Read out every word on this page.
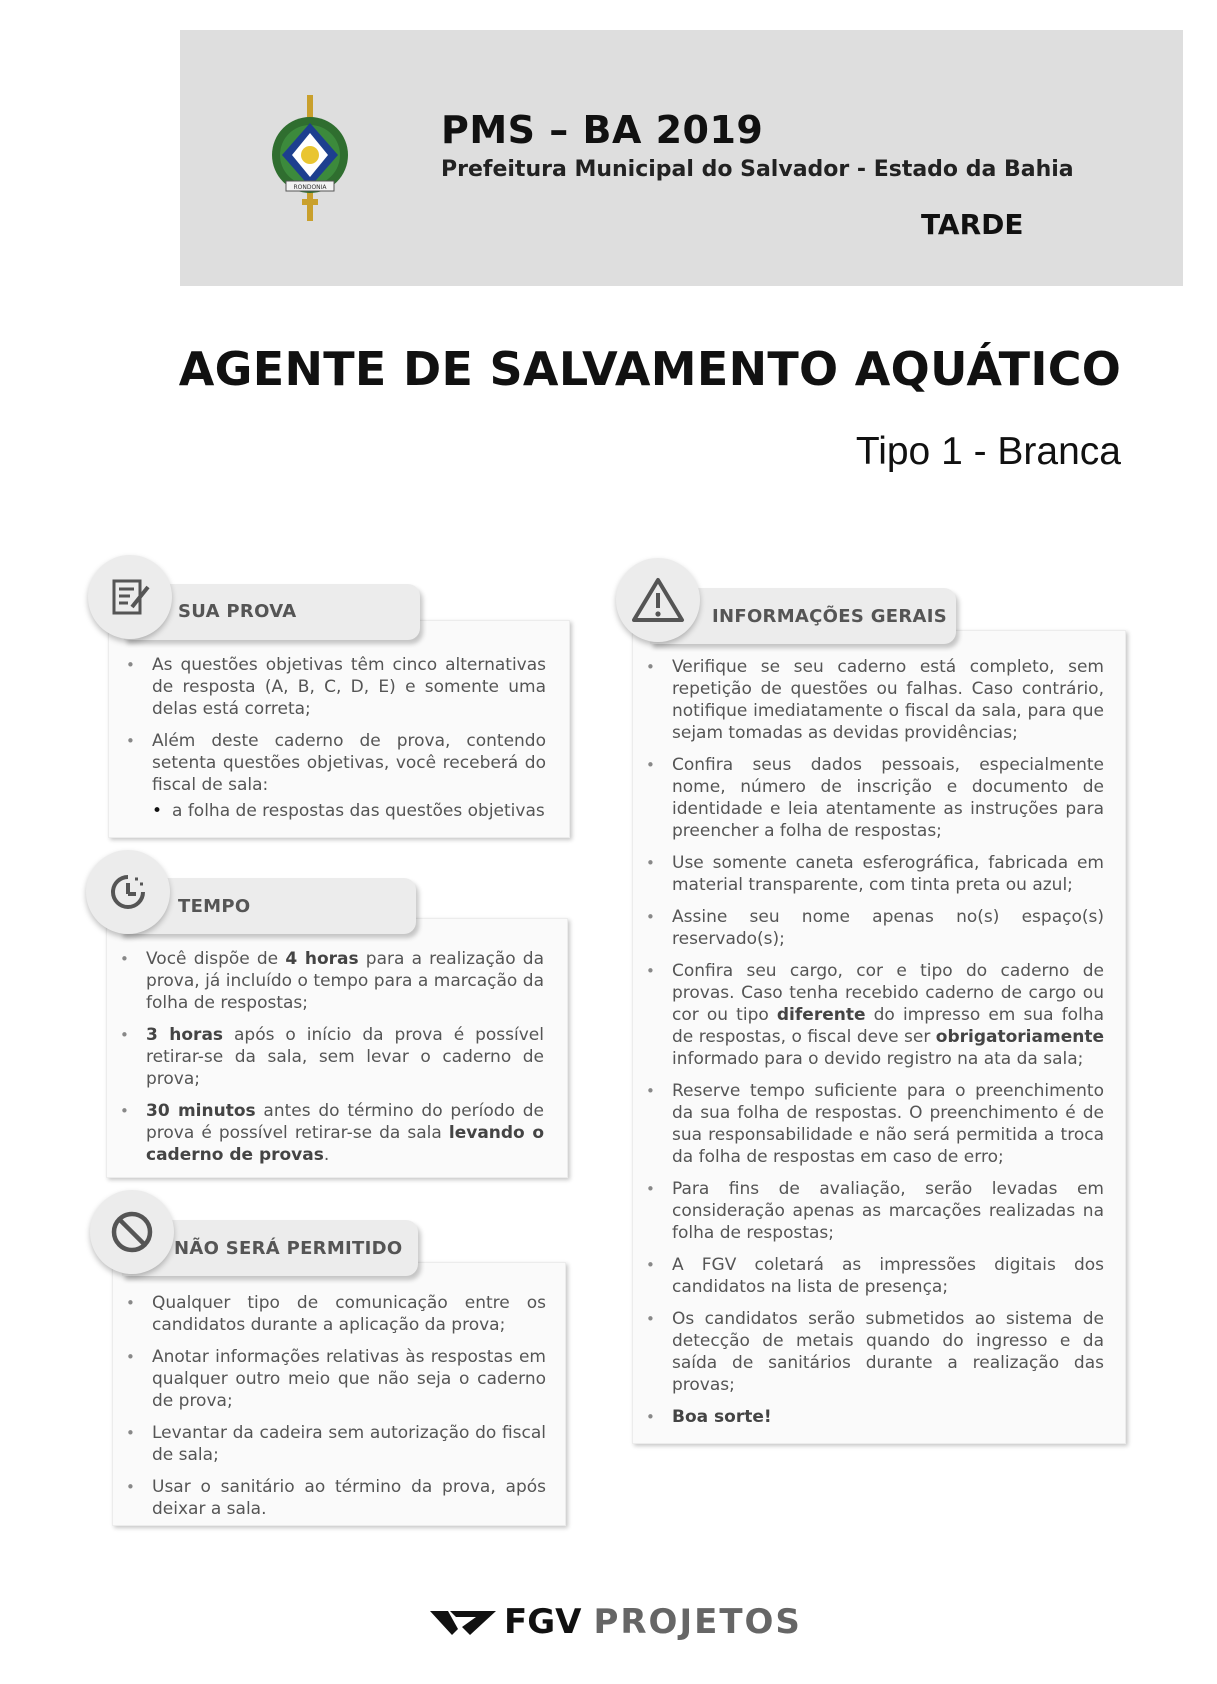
RONDONIA
PMS – BA 2019
Prefeitura Municipal do Salvador - Estado da Bahia
TARDE
AGENTE DE SALVAMENTO AQUÁTICO
Tipo 1 - Branca
SUA PROVA
• As questões objetivas têm cinco alternativas de resposta (A, B, C, D, E) e somente uma delas está correta;
• Além deste caderno de prova, contendo setenta questões objetivas, você receberá do fiscal de sala:
• a folha de respostas das questões objetivas
TEMPO
• Você dispõe de 4 horas para a realização da prova, já incluído o tempo para a marcação da folha de respostas;
• 3 horas após o início da prova é possível retirar-se da sala, sem levar o caderno de prova;
• 30 minutos antes do término do período de prova é possível retirar-se da sala levando o caderno de provas.
NÃO SERÁ PERMITIDO
• Qualquer tipo de comunicação entre os candidatos durante a aplicação da prova;
• Anotar informações relativas às respostas em qualquer outro meio que não seja o caderno de prova;
• Levantar da cadeira sem autorização do fiscal de sala;
• Usar o sanitário ao término da prova, após deixar a sala.
INFORMAÇÕES GERAIS
• Verifique se seu caderno está completo, sem repetição de questões ou falhas. Caso contrário, notifique imediatamente o fiscal da sala, para que sejam tomadas as devidas providências;
• Confira seus dados pessoais, especialmente nome, número de inscrição e documento de identidade e leia atentamente as instruções para preencher a folha de respostas;
• Use somente caneta esferográfica, fabricada em material transparente, com tinta preta ou azul;
• Assine seu nome apenas no(s) espaço(s) reservado(s);
• Confira seu cargo, cor e tipo do caderno de provas. Caso tenha recebido caderno de cargo ou cor ou tipo diferente do impresso em sua folha de respostas, o fiscal deve ser obrigatoriamente informado para o devido registro na ata da sala;
• Reserve tempo suficiente para o preenchimento da sua folha de respostas. O preenchimento é de sua responsabilidade e não será permitida a troca da folha de respostas em caso de erro;
• Para fins de avaliação, serão levadas em consideração apenas as marcações realizadas na folha de respostas;
• A FGV coletará as impressões digitais dos candidatos na lista de presença;
• Os candidatos serão submetidos ao sistema de detecção de metais quando do ingresso e da saída de sanitários durante a realização das provas;
• Boa sorte!
FGV PROJETOS
